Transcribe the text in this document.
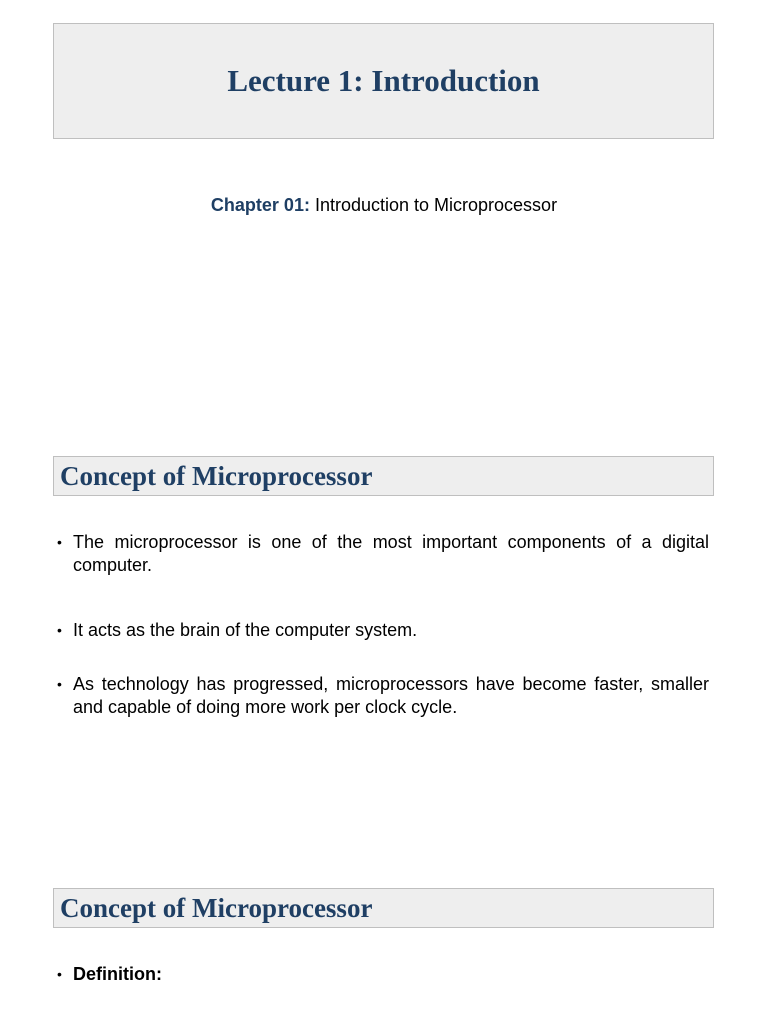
Lecture 1: Introduction
Chapter 01: Introduction to Microprocessor
Concept of Microprocessor
• The microprocessor is one of the most important components of a digital computer.
• It acts as the brain of the computer system.
• As technology has progressed, microprocessors have become faster, smaller and capable of doing more work per clock cycle.
Concept of Microprocessor
• Definition:
